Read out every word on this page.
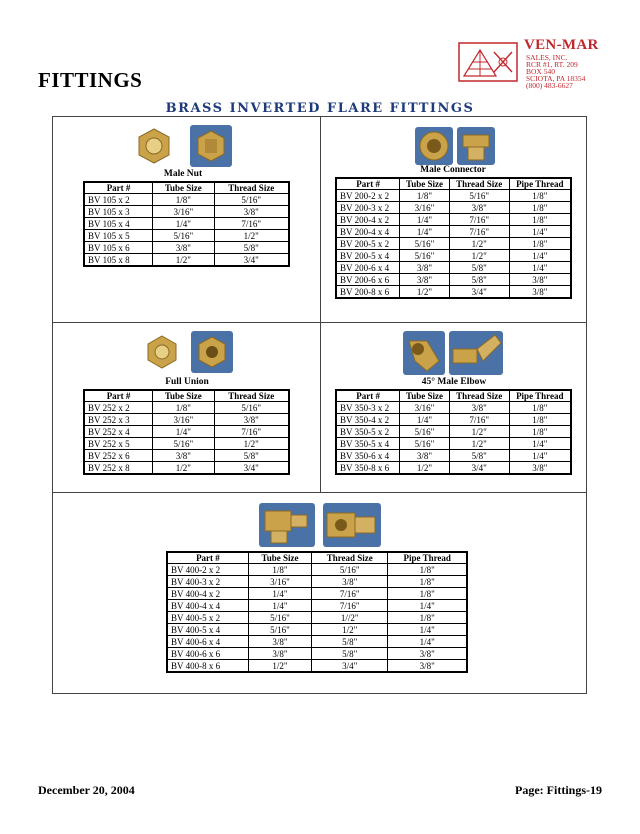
FITTINGS
VEN-MAR
SALES, INC.
RCR #1, RT. 209
BOX 540
SCIOTA, PA 18354
(800) 483-6627
BRASS INVERTED FLARE FITTINGS
Male Nut
Part #	Tube Size	Thread Size
BV 105 x 2	1/8"	5/16"
BV 105 x 3	3/16"	3/8"
BV 105 x 4	1/4"	7/16"
BV 105 x 5	5/16"	1/2"
BV 105 x 6	3/8"	5/8"
BV 105 x 8	1/2"	3/4"
Male Connector
Part #	Tube Size	Thread Size	Pipe Thread
BV 200-2 x 2	1/8"	5/16"	1/8"
BV 200-3 x 2	3/16"	3/8"	1/8"
BV 200-4 x 2	1/4"	7/16"	1/8"
BV 200-4 x 4	1/4"	7/16"	1/4"
BV 200-5 x 2	5/16"	1/2"	1/8"
BV 200-5 x 4	5/16"	1/2"	1/4"
BV 200-6 x 4	3/8"	5/8"	1/4"
BV 200-6 x 6	3/8"	5/8"	3/8"
BV 200-8 x 6	1/2"	3/4"	3/8"
Full Union
Part #	Tube Size	Thread Size
BV 252 x 2	1/8"	5/16"
BV 252 x 3	3/16"	3/8"
BV 252 x 4	1/4"	7/16"
BV 252 x 5	5/16"	1/2"
BV 252 x 6	3/8"	5/8"
BV 252 x 8	1/2"	3/4"
45° Male Elbow
Part #	Tube Size	Thread Size	Pipe Thread
BV 350-3 x 2	3/16"	3/8"	1/8"
BV 350-4 x 2	1/4"	7/16"	1/8"
BV 350-5 x 2	5/16"	1/2"	1/8"
BV 350-5 x 4	5/16"	1/2"	1/4"
BV 350-6 x 4	3/8"	5/8"	1/4"
BV 350-8 x 6	1/2"	3/4"	3/8"
Part #	Tube Size	Thread Size	Pipe Thread
BV 400-2 x 2	1/8"	5/16"	1/8"
BV 400-3 x 2	3/16"	3/8"	1/8"
BV 400-4 x 2	1/4"	7/16"	1/8"
BV 400-4 x 4	1/4"	7/16"	1/4"
BV 400-5 x 2	5/16"	1//2"	1/8"
BV 400-5 x 4	5/16"	1/2"	1/4"
BV 400-6 x 4	3/8"	5/8"	1/4"
BV 400-6 x 6	3/8"	5/8"	3/8"
BV 400-8 x 6	1/2"	3/4"	3/8"
December 20, 2004	Page: Fittings-19
